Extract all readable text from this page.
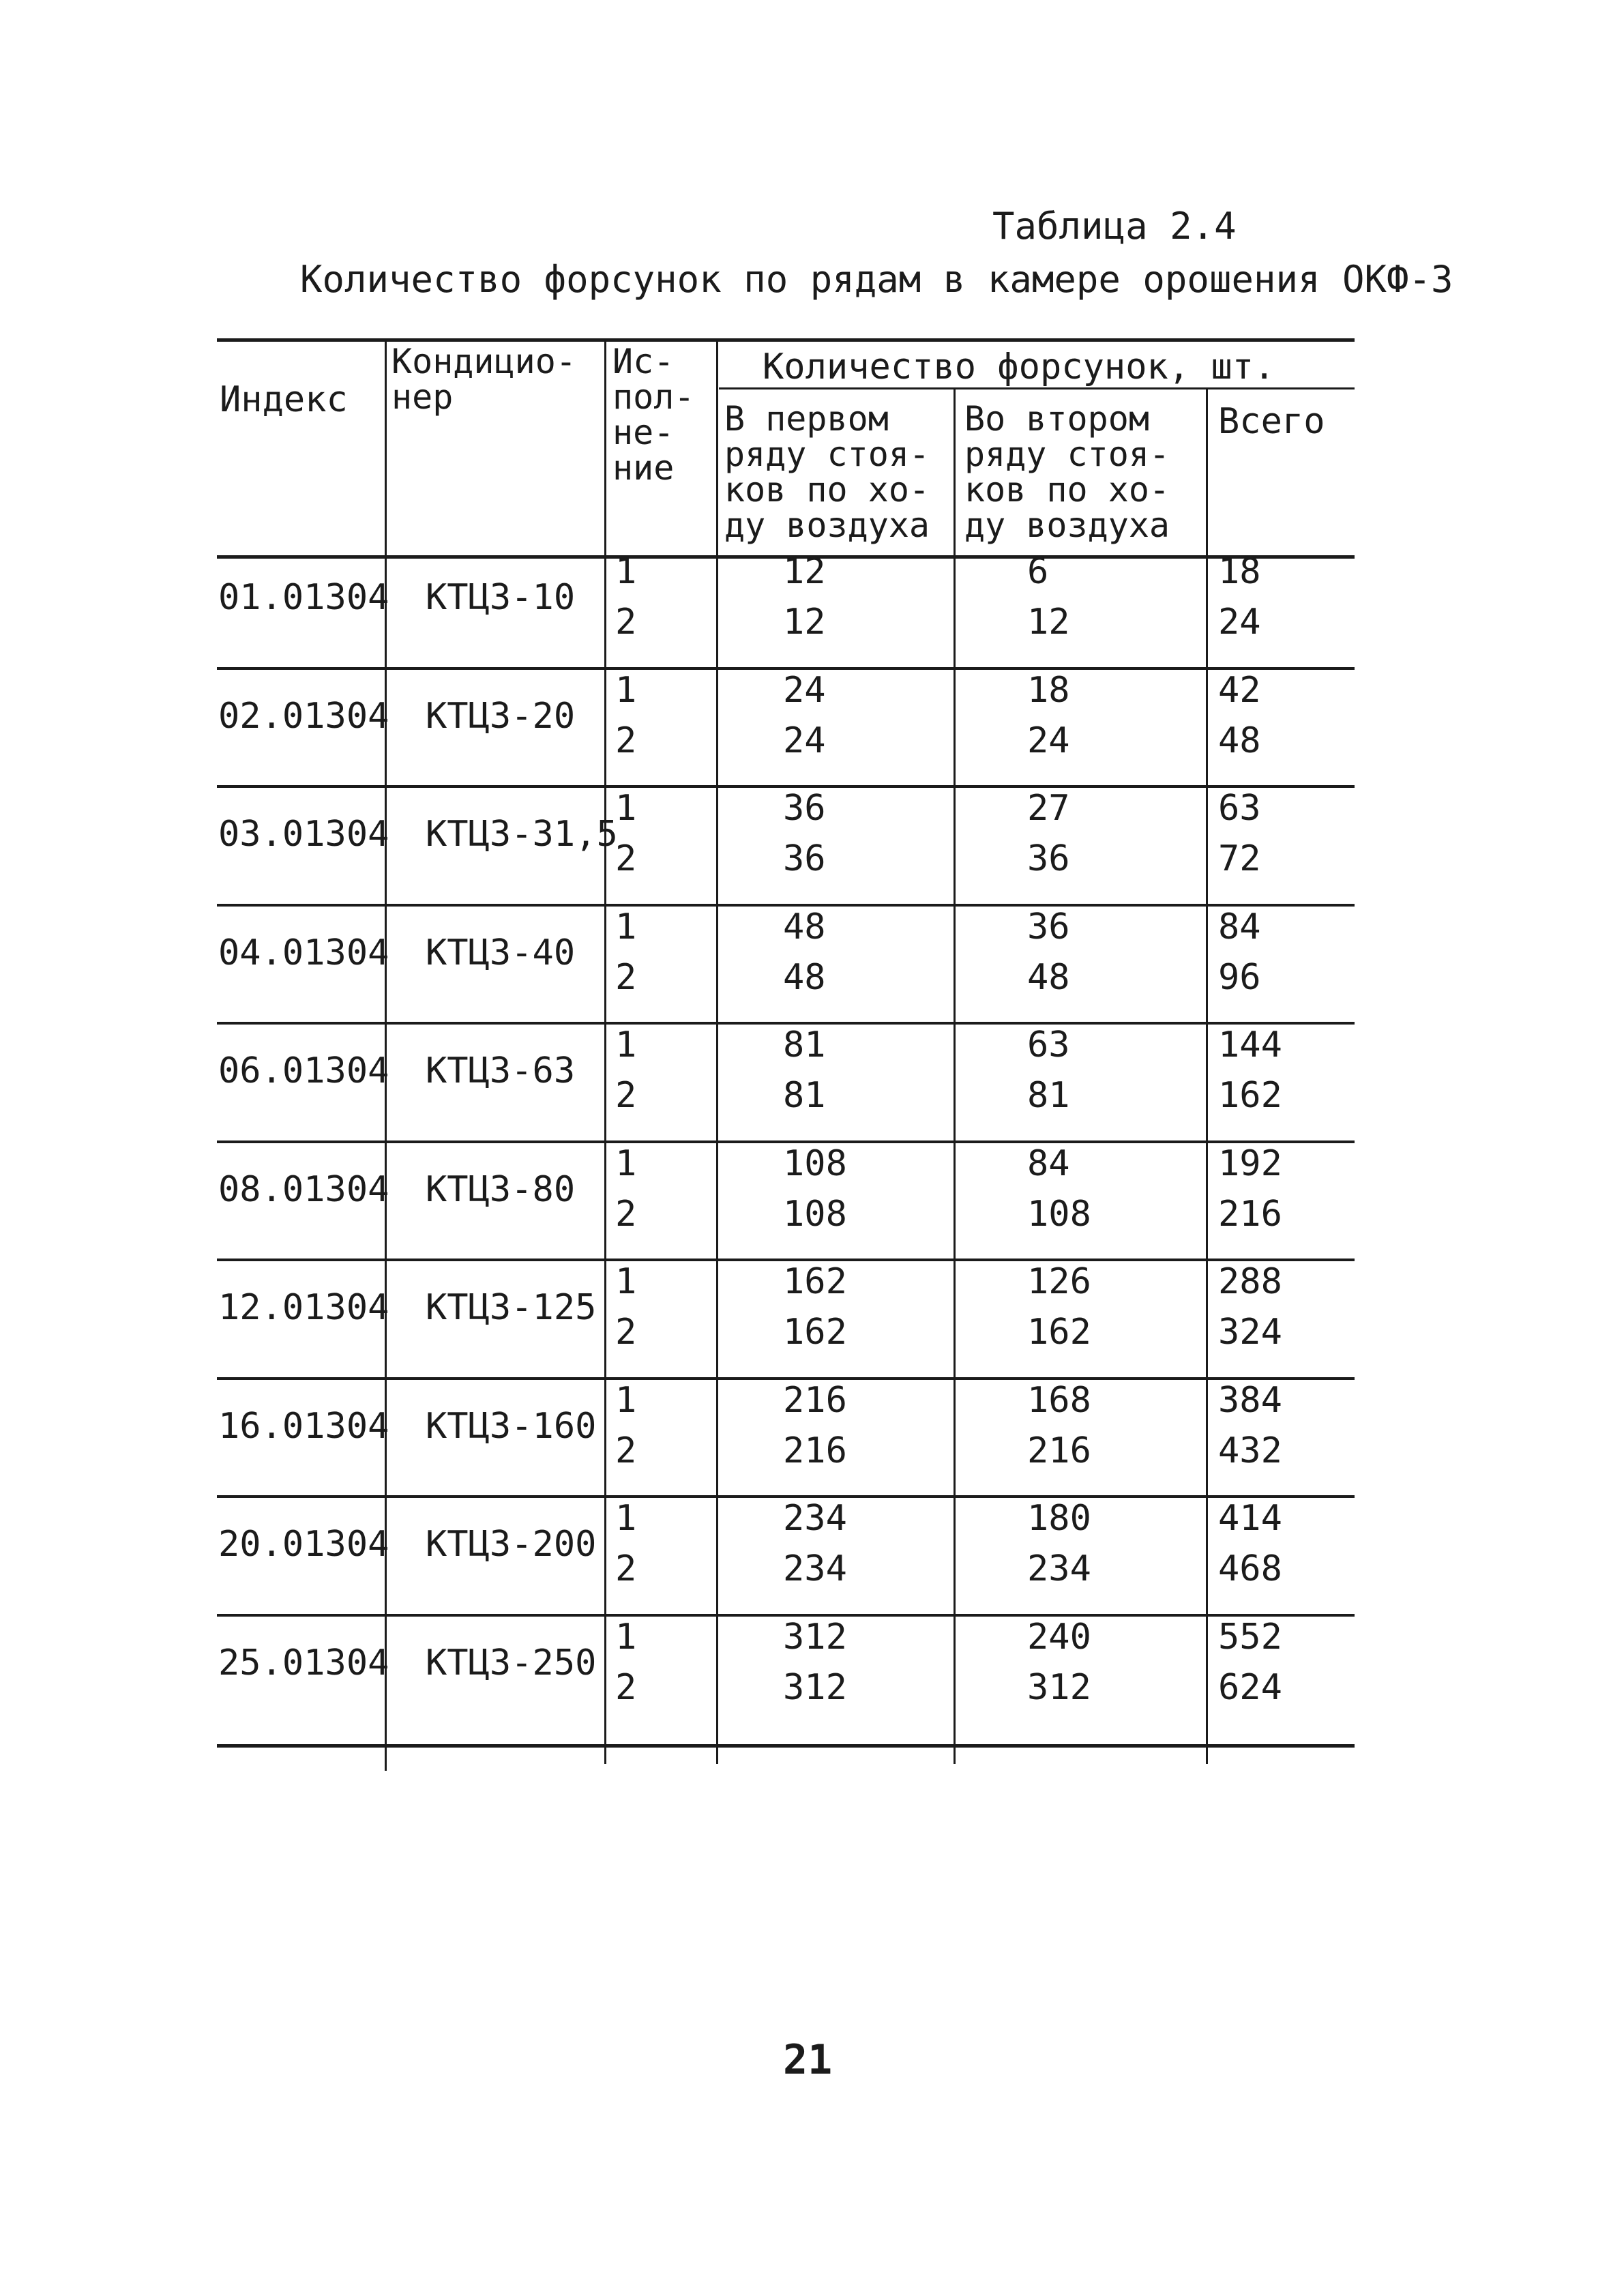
Таблица 2.4
Количество форсунок по рядам в камере орошения ОКФ-3
Индекс
Кондицио-
нер
Ис-
пол-
не-
ние
Количество форсунок, шт.
В первом
ряду стоя-
ков по хо-
ду воздуха
Во втором
ряду стоя-
ков по хо-
ду воздуха
Всего
01.01304 КТЦ3-10
1
2
12
12
6
12
18
24
02.01304 КТЦ3-20
1
2
24
24
18
24
42
48
03.01304 КТЦ3-31,5
1
2
36
36
27
36
63
72
04.01304 КТЦ3-40
1
2
48
48
36
48
84
96
06.01304 КТЦ3-63
1
2
81
81
63
81
144
162
08.01304 КТЦ3-80
1
2
108
108
84
108
192
216
12.01304 КТЦ3-125
1
2
162
162
126
162
288
324
16.01304 КТЦ3-160
1
2
216
216
168
216
384
432
20.01304 КТЦ3-200
1
2
234
234
180
234
414
468
25.01304 КТЦ3-250
1
2
312
312
240
312
552
624
21
